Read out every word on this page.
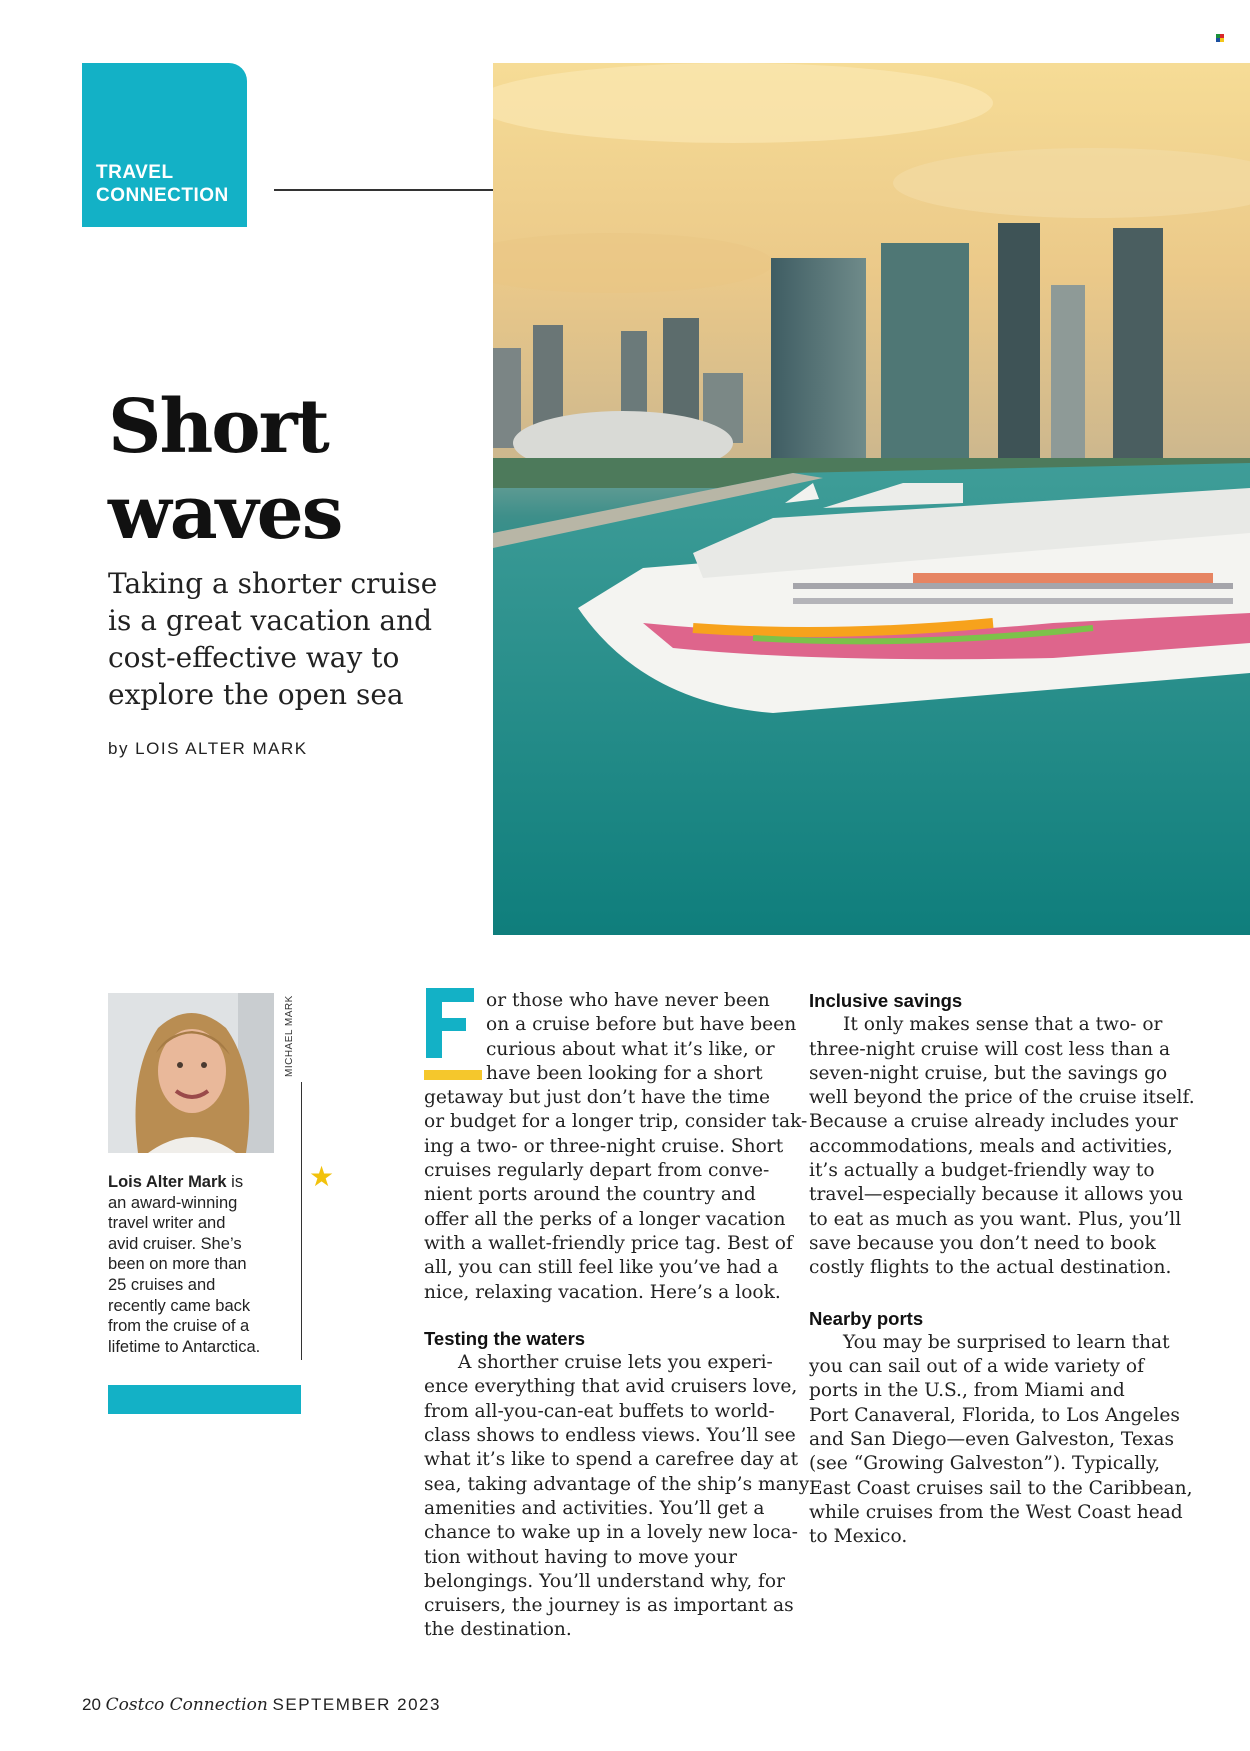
TRAVEL
CONNECTION
Short
waves
Taking a shorter cruise
is a great vacation and
cost-effective way to
explore the open sea
by LOIS ALTER MARK
MICHAEL MARK
★
Lois Alter Mark is
an award-winning
travel writer and
avid cruiser. She’s
been on more than
25 cruises and
recently came back
from the cruise of a
lifetime to Antarctica.
or those who have never been
on a cruise before but have been
curious about what it’s like, or
have been looking for a short
getaway but just don’t have the time
or budget for a longer trip, consider tak-
ing a two- or three-night cruise. Short
cruises regularly depart from conve-
nient ports around the country and
offer all the perks of a longer vacation
with a wallet-friendly price tag. Best of
all, you can still feel like you’ve had a
nice, relaxing vacation. Here’s a look.
Testing the waters
A shorther cruise lets you experi-
ence everything that avid cruisers love,
from all-you-can-eat buffets to world-
class shows to endless views. You’ll see
what it’s like to spend a carefree day at
sea, taking advantage of the ship’s many
amenities and activities. You’ll get a
chance to wake up in a lovely new loca-
tion without having to move your
belongings. You’ll understand why, for
cruisers, the journey is as important as
the destination.
Inclusive savings
It only makes sense that a two- or
three-night cruise will cost less than a
seven-night cruise, but the savings go
well beyond the price of the cruise itself.
Because a cruise already includes your
accommodations, meals and activities,
it’s actually a budget-friendly way to
travel—especially because it allows you
to eat as much as you want. Plus, you’ll
save because you don’t need to book
costly flights to the actual destination.
Nearby ports
You may be surprised to learn that
you can sail out of a wide variety of
ports in the U.S., from Miami and
Port Canaveral, Florida, to Los Angeles
and San Diego—even Galveston, Texas
(see “Growing Galveston”). Typically,
East Coast cruises sail to the Caribbean,
while cruises from the West Coast head
to Mexico.
20 Costco Connection SEPTEMBER 2023
